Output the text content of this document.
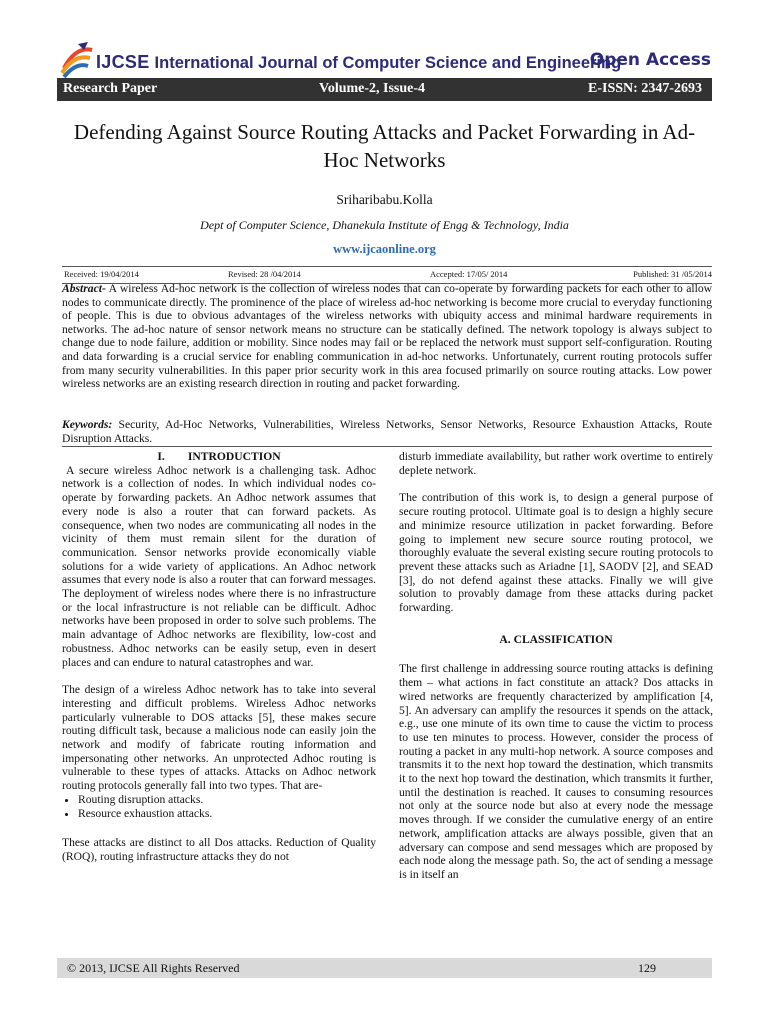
IJCSE International Journal of Computer Science and Engineering
Open Access
Research Paper	Volume-2, Issue-4	E-ISSN: 2347-2693
Defending Against Source Routing Attacks and Packet Forwarding in Ad-Hoc Networks
Sriharibabu.Kolla
Dept of Computer Science, Dhanekula Institute of Engg & Technology, India
www.ijcaonline.org
Received: 19/04/2014	Revised: 28 /04/2014	Accepted: 17/05/ 2014	Published: 31 /05/2014
Abstract- A wireless Ad-hoc network is the collection of wireless nodes that can co-operate by forwarding packets for each other to allow nodes to communicate directly. The prominence of the place of wireless ad-hoc networking is become more crucial to everyday functioning of people. This is due to obvious advantages of the wireless networks with ubiquity access and minimal hardware requirements in networks. The ad-hoc nature of sensor network means no structure can be statically defined. The network topology is always subject to change due to node failure, addition or mobility. Since nodes may fail or be replaced the network must support self-configuration. Routing and data forwarding is a crucial service for enabling communication in ad-hoc networks. Unfortunately, current routing protocols suffer from many security vulnerabilities. In this paper prior security work in this area focused primarily on source routing attacks. Low power wireless networks are an existing research direction in routing and packet forwarding.
Keywords: Security, Ad-Hoc Networks, Vulnerabilities, Wireless Networks, Sensor Networks, Resource Exhaustion Attacks, Route Disruption Attacks.
I. INTRODUCTION

A secure wireless Adhoc network is a challenging task. Adhoc network is a collection of nodes. In which individual nodes co-operate by forwarding packets. An Adhoc network assumes that every node is also a router that can forward packets. As consequence, when two nodes are communicating all nodes in the vicinity of them must remain silent for the duration of communication. Sensor networks provide economically viable solutions for a wide variety of applications. An Adhoc network assumes that every node is also a router that can forward messages. The deployment of wireless nodes where there is no infrastructure or the local infrastructure is not reliable can be difficult. Adhoc networks have been proposed in order to solve such problems. The main advantage of Adhoc networks are flexibility, low-cost and robustness. Adhoc networks can be easily setup, even in desert places and can endure to natural catastrophes and war.

The design of a wireless Adhoc network has to take into several interesting and difficult problems. Wireless Adhoc networks particularly vulnerable to DOS attacks [5], these makes secure routing difficult task, because a malicious node can easily join the network and modify of fabricate routing information and impersonating other networks. An unprotected Adhoc routing is vulnerable to these types of attacks. Attacks on Adhoc network routing protocols generally fall into two types. That are-

• Routing disruption attacks.
• Resource exhaustion attacks.

These attacks are distinct to all Dos attacks. Reduction of Quality (ROQ), routing infrastructure attacks they do not

disturb immediate availability, but rather work overtime to entirely deplete network.

The contribution of this work is, to design a general purpose of secure routing protocol. Ultimate goal is to design a highly secure and minimize resource utilization in packet forwarding. Before going to implement new secure source routing protocol, we thoroughly evaluate the several existing secure routing protocols to prevent these attacks such as Ariadne [1], SAODV [2], and SEAD [3], do not defend against these attacks. Finally we will give solution to provably damage from these attacks during packet forwarding.

A. CLASSIFICATION

The first challenge in addressing source routing attacks is defining them – what actions in fact constitute an attack? Dos attacks in wired networks are frequently characterized by amplification [4, 5]. An adversary can amplify the resources it spends on the attack, e.g., use one minute of its own time to cause the victim to process to use ten minutes to process. However, consider the process of routing a packet in any multi-hop network. A source composes and transmits it to the next hop toward the destination, which transmits it to the next hop toward the destination, which transmits it further, until the destination is reached. It causes to consuming resources not only at the source node but also at every node the message moves through. If we consider the cumulative energy of an entire network, amplification attacks are always possible, given that an adversary can compose and send messages which are proposed by each node along the message path. So, the act of sending a message is in itself an

© 2013, IJCSE All Rights Reserved	129
